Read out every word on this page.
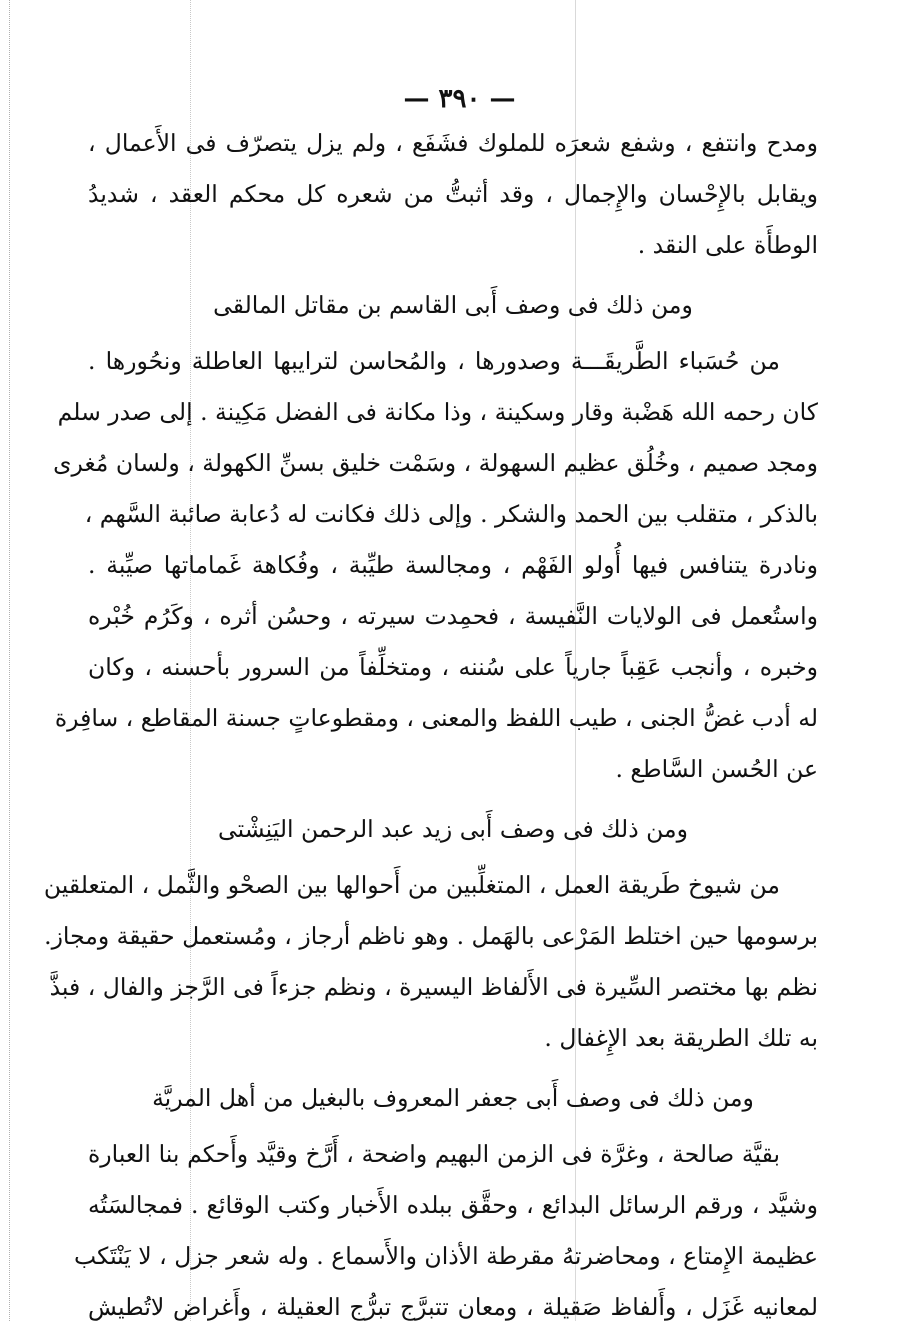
— ٣٩٠ —
ومدح وانتفع ، وشفع شعرَه للملوك فشَفَع ، ولم يزل يتصرّف فى الأَعمال ،
ويقابل بالإِحْسان والإِجمال ، وقد أثبتُّ من شعره كل محكم العقد ، شديدُ
الوطأَة على النقد .
ومن ذلك فى وصف أَبى القاسم بن مقاتل المالقى
من حُسَباء الطَّريقَـــة وصدورها ، والمُحاسن لترايبها العاطلة ونحُورها .
كان رحمه الله هَضْبة وقار وسكينة ، وذا مكانة فى الفضل مَكِينة . إلى صدر سلم
ومجد صميم ، وخُلُق عظيم السهولة ، وسَمْت خليق بسنِّ الكهولة ، ولسان مُغرى
بالذكر ، متقلب بين الحمد والشكر . وإلى ذلك فكانت له دُعابة صائبة السَّهم ،
ونادرة يتنافس فيها أُولو الفَهْم ، ومجالسة طيِّبة ، وفُكاهة غَماماتها صيِّبة .
واستُعمل فى الولايات النَّفيسة ، فحمِدت سيرته ، وحسُن أثره ، وكَرُم خُبْره
وخبره ، وأنجب عَقِباً جارياً على سُننه ، ومتخلِّفاً من السرور بأحسنه ، وكان
له أدب غضُّ الجنى ، طيب اللفظ والمعنى ، ومقطوعاتٍ جسنة المقاطع ، سافِرة
عن الحُسن السَّاطع .
ومن ذلك فى وصف أَبى زيد عبد الرحمن اليَنِشْتى
من شيوخ طَريقة العمل ، المتغلِّبين من أَحوالها بين الصحْو والثَّمل ، المتعلقين
برسومها حين اختلط المَرْعى بالهَمل . وهو ناظم أرجاز ، ومُستعمل حقيقة ومجاز.
نظم بها مختصر السِّيرة فى الأَلفاظ اليسيرة ، ونظم جزءاً فى الرَّجز والفال ، فبذَّ
به تلك الطريقة بعد الإِغفال .
ومن ذلك فى وصف أَبى جعفر المعروف بالبغيل من أهل المريَّة
بقيَّة صالحة ، وغرَّة فى الزمن البهيم واضحة ، أَرَّخ وقيَّد وأَحكم بنا العبارة
وشيَّد ، ورقم الرسائل البدائع ، وحقَّق ببلده الأَخبار وكتب الوقائع . فمجالسَتُه
عظيمة الإِمتاع ، ومحاضرتهُ مقرطة الأذان والأَسماع . وله شعر جزل ، لا يَنْتَكب
لمعانيه غَزَل ، وأَلفاظ صَقيلة ، ومعان تتبرَّج تبرُّج العقيلة ، وأَغراض لاتُطيش
